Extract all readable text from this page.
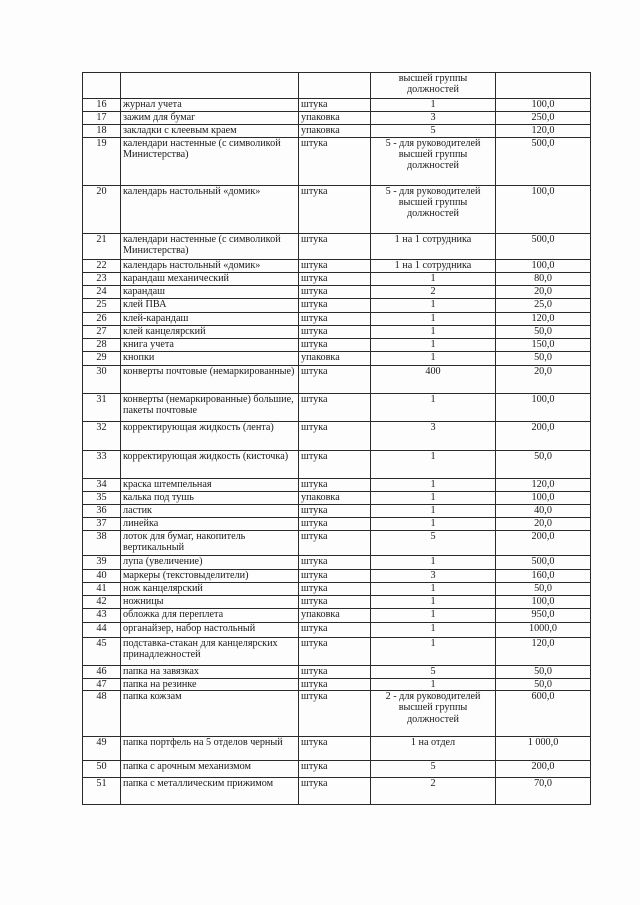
			высшей группы должностей	
16	журнал учета	штука	1	100,0
17	зажим для бумаг	упаковка	3	250,0
18	закладки с клеевым краем	упаковка	5	120,0
19	календари настенные (с символикой Министерства)	штука	5 - для руководителей высшей группы должностей	500,0
20	календарь настольный «домик»	штука	5 - для руководителей высшей группы должностей	100,0
21	календари настенные (с символикой Министерства)	штука	1 на 1 сотрудника	500,0
22	календарь настольный «домик»	штука	1 на 1 сотрудника	100,0
23	карандаш механический	штука	1	80,0
24	карандаш	штука	2	20,0
25	клей ПВА	штука	1	25,0
26	клей-карандаш	штука	1	120,0
27	клей канцелярский	штука	1	50,0
28	книга учета	штука	1	150,0
29	кнопки	упаковка	1	50,0
30	конверты почтовые (немаркированные)	штука	400	20,0
31	конверты (немаркированные) большие, пакеты почтовые	штука	1	100,0
32	корректирующая жидкость (лента)	штука	3	200,0
33	корректирующая жидкость (кисточка)	штука	1	50,0
34	краска штемпельная	штука	1	120,0
35	калька под тушь	упаковка	1	100,0
36	ластик	штука	1	40,0
37	линейка	штука	1	20,0
38	лоток для бумаг, накопитель вертикальный	штука	5	200,0
39	лупа (увеличение)	штука	1	500,0
40	маркеры (текстовыделители)	штука	3	160,0
41	нож канцелярский	штука	1	50,0
42	ножницы	штука	1	100,0
43	обложка для переплета	упаковка	1	950,0
44	органайзер, набор настольный	штука	1	1000,0
45	подставка-стакан для канцелярских принадлежностей	штука	1	120,0
46	папка на завязках	штука	5	50,0
47	папка на резинке	штука	1	50,0
48	папка кожзам	штука	2 - для руководителей высшей группы должностей	600,0
49	папка портфель на 5 отделов черный	штука	1 на отдел	1 000,0
50	папка с арочным механизмом	штука	5	200,0
51	папка с металлическим прижимом	штука	2	70,0
